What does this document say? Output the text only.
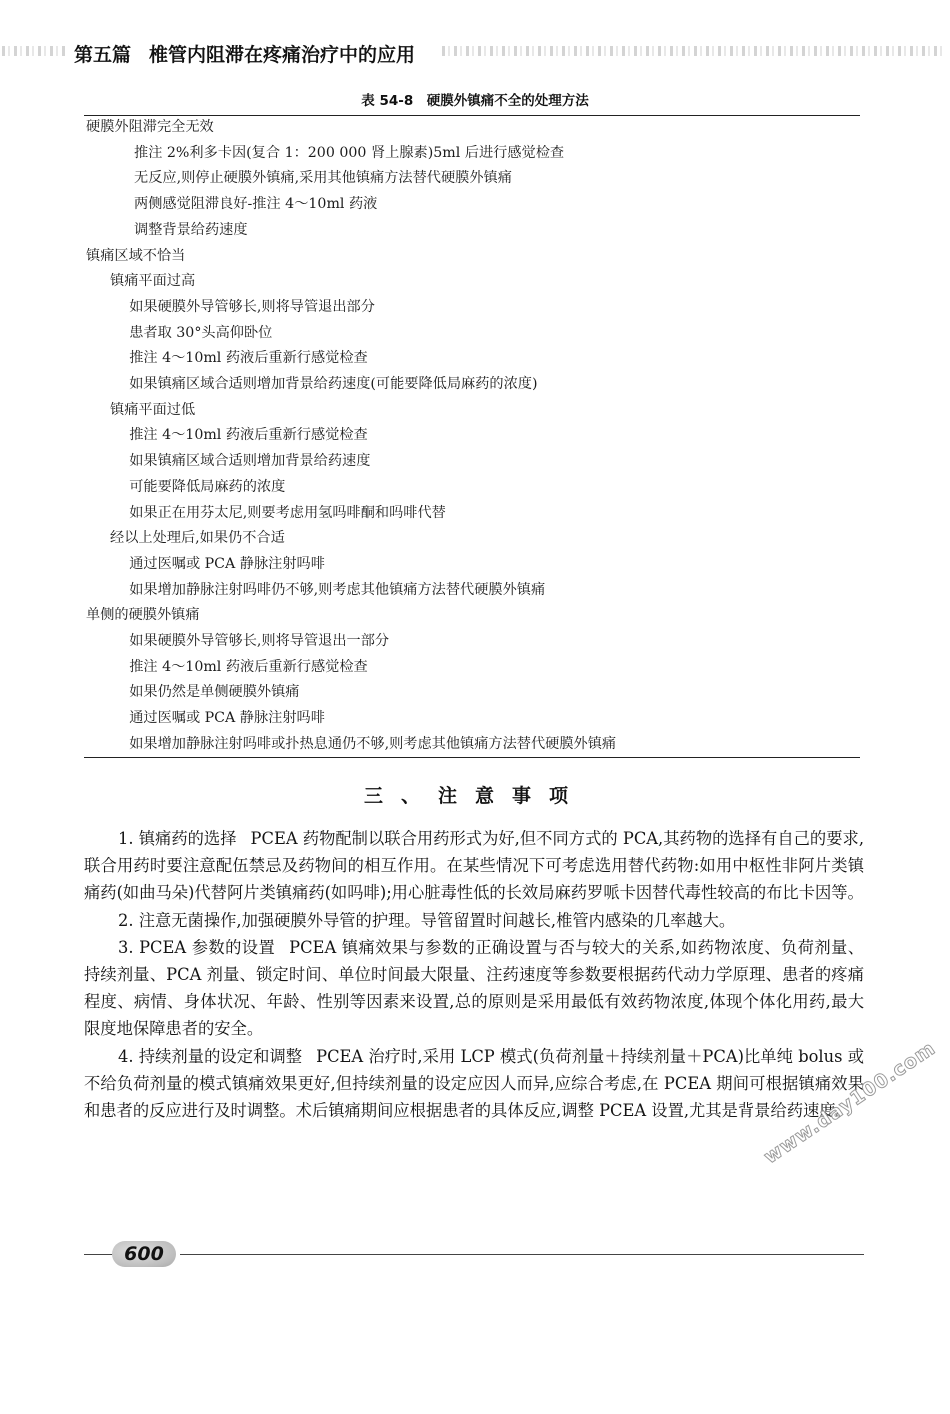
第五篇 椎管内阻滞在疼痛治疗中的应用
表 54-8　硬膜外镇痛不全的处理方法
硬膜外阻滞完全无效
推注 2%利多卡因(复合 1：200 000 肾上腺素)5ml 后进行感觉检查
无反应,则停止硬膜外镇痛,采用其他镇痛方法替代硬膜外镇痛
两侧感觉阻滞良好-推注 4～10ml 药液
调整背景给药速度
镇痛区域不恰当
镇痛平面过高
如果硬膜外导管够长,则将导管退出部分
患者取 30°头高仰卧位
推注 4～10ml 药液后重新行感觉检查
如果镇痛区域合适则增加背景给药速度(可能要降低局麻药的浓度)
镇痛平面过低
推注 4～10ml 药液后重新行感觉检查
如果镇痛区域合适则增加背景给药速度
可能要降低局麻药的浓度
如果正在用芬太尼,则要考虑用氢吗啡酮和吗啡代替
经以上处理后,如果仍不合适
通过医嘱或 PCA 静脉注射吗啡
如果增加静脉注射吗啡仍不够,则考虑其他镇痛方法替代硬膜外镇痛
单侧的硬膜外镇痛
如果硬膜外导管够长,则将导管退出一部分
推注 4～10ml 药液后重新行感觉检查
如果仍然是单侧硬膜外镇痛
通过医嘱或 PCA 静脉注射吗啡
如果增加静脉注射吗啡或扑热息通仍不够,则考虑其他镇痛方法替代硬膜外镇痛
三、注意事项

1. 镇痛药的选择 PCEA 药物配制以联合用药形式为好,但不同方式的 PCA,其药物的选择有自己的要求,联合用药时要注意配伍禁忌及药物间的相互作用。在某些情况下可考虑选用替代药物:如用中枢性非阿片类镇痛药(如曲马朵)代替阿片类镇痛药(如吗啡);用心脏毒性低的长效局麻药罗哌卡因替代毒性较高的布比卡因等。

2. 注意无菌操作,加强硬膜外导管的护理。导管留置时间越长,椎管内感染的几率越大。

3. PCEA 参数的设置 PCEA 镇痛效果与参数的正确设置与否与较大的关系,如药物浓度、负荷剂量、持续剂量、PCA 剂量、锁定时间、单位时间最大限量、注药速度等参数要根据药代动力学原理、患者的疼痛程度、病情、身体状况、年龄、性别等因素来设置,总的原则是采用最低有效药物浓度,体现个体化用药,最大限度地保障患者的安全。

4. 持续剂量的设定和调整 PCEA 治疗时,采用 LCP 模式(负荷剂量＋持续剂量＋PCA)比单纯 bolus 或不给负荷剂量的模式镇痛效果更好,但持续剂量的设定应因人而异,应综合考虑,在 PCEA 期间可根据镇痛效果和患者的反应进行及时调整。术后镇痛期间应根据患者的具体反应,调整 PCEA 设置,尤其是背景给药速度。

www.day100.com
600
